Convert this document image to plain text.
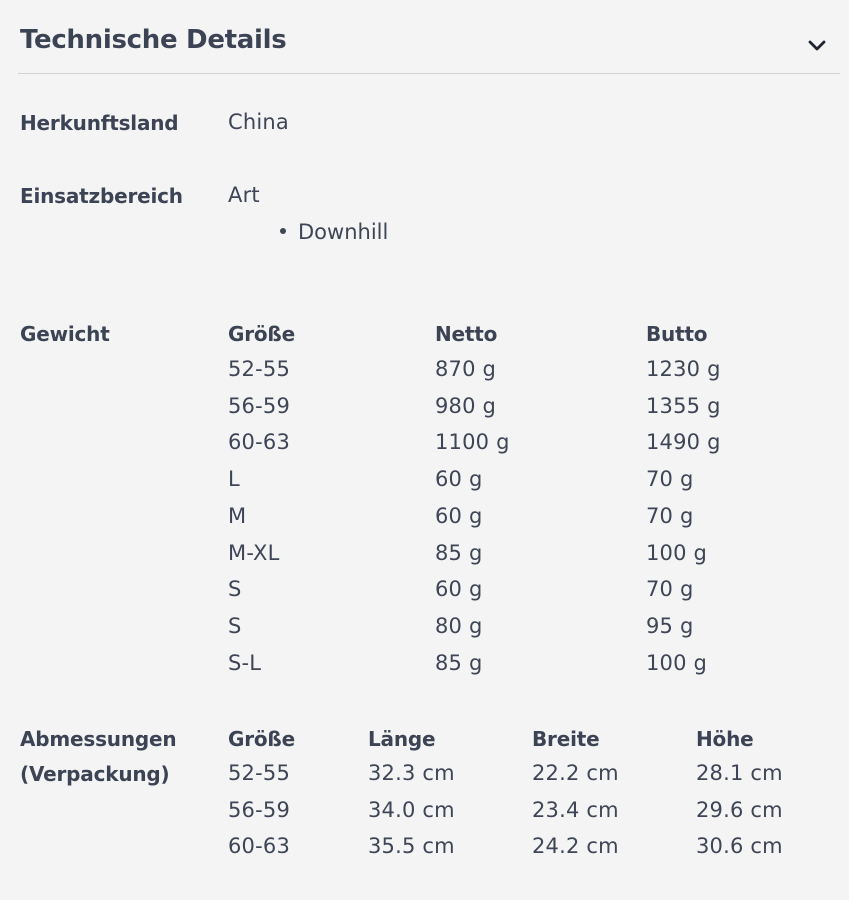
Technische Details
Herkunftsland China
Einsatzbereich Art
Downhill
Gewicht	Größe	Netto	Butto
52-55	870 g	1230 g
56-59	980 g	1355 g
60-63	1100 g	1490 g
L	60 g	70 g
M	60 g	70 g
M-XL	85 g	100 g
S	60 g	70 g
S	80 g	95 g
S-L	85 g	100 g
Abmessungen
(Verpackung)
Größe	Länge	Breite	Höhe
52-55	32.3 cm	22.2 cm	28.1 cm
56-59	34.0 cm	23.4 cm	29.6 cm
60-63	35.5 cm	24.2 cm	30.6 cm
